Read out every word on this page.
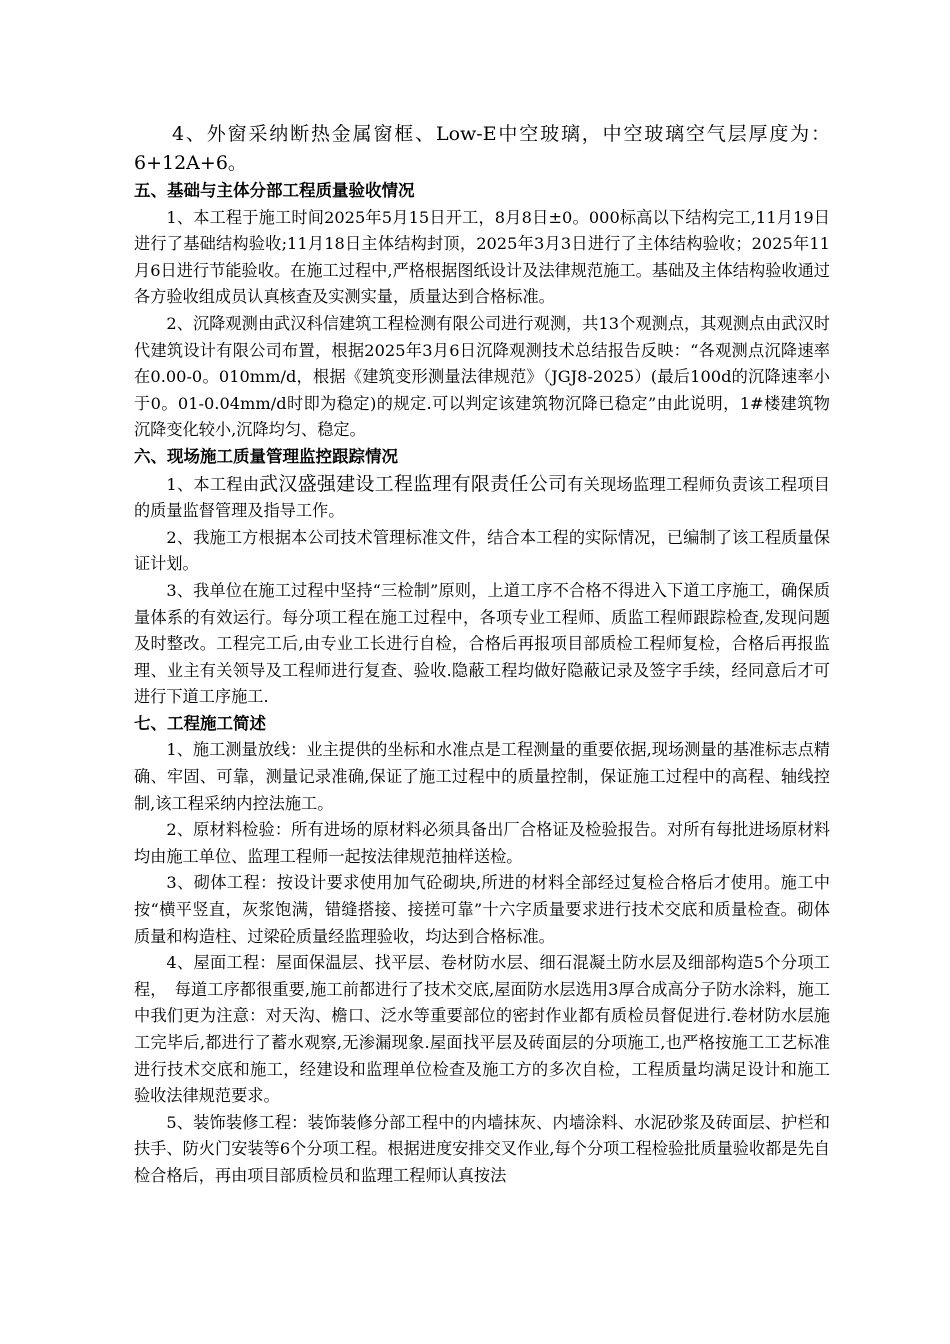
4、外窗采纳断热金属窗框、Low-E中空玻璃，中空玻璃空气层厚度为：6+12A+6。

五、基础与主体分部工程质量验收情况

1、本工程于施工时间2025年5月15日开工，8月8日±0。000标高以下结构完工,11月19日进行了基础结构验收;11月18日主体结构封顶，2025年3月3日进行了主体结构验收；2025年11月6日进行节能验收。在施工过程中,严格根据图纸设计及法律规范施工。基础及主体结构验收通过各方验收组成员认真核查及实测实量，质量达到合格标准。

2、沉降观测由武汉科信建筑工程检测有限公司进行观测，共13个观测点，其观测点由武汉时代建筑设计有限公司布置，根据2025年3月6日沉降观测技术总结报告反映：“各观测点沉降速率在0.00-0。010mm/d，根据《建筑变形测量法律规范》（JGJ8-2025）(最后100d的沉降速率小于0。01-0.04mm/d时即为稳定)的规定.可以判定该建筑物沉降已稳定”由此说明，1#楼建筑物沉降变化较小,沉降均匀、稳定。

六、现场施工质量管理监控跟踪情况

1、本工程由武汉盛强建设工程监理有限责任公司有关现场监理工程师负责该工程项目的质量监督管理及指导工作。

2、我施工方根据本公司技术管理标准文件，结合本工程的实际情况，已编制了该工程质量保证计划。

3、我单位在施工过程中坚持“三检制”原则，上道工序不合格不得进入下道工序施工，确保质量体系的有效运行。每分项工程在施工过程中，各项专业工程师、质监工程师跟踪检查,发现问题及时整改。工程完工后,由专业工长进行自检，合格后再报项目部质检工程师复检，合格后再报监理、业主有关领导及工程师进行复查、验收.隐蔽工程均做好隐蔽记录及签字手续，经同意后才可进行下道工序施工.

七、工程施工简述

1、施工测量放线：业主提供的坐标和水准点是工程测量的重要依据,现场测量的基准标志点精确、牢固、可靠，测量记录准确,保证了施工过程中的质量控制，保证施工过程中的高程、轴线控制,该工程采纳内控法施工。

2、原材料检验：所有进场的原材料必须具备出厂合格证及检验报告。对所有每批进场原材料均由施工单位、监理工程师一起按法律规范抽样送检。

3、砌体工程：按设计要求使用加气砼砌块,所进的材料全部经过复检合格后才使用。施工中按“横平竖直，灰浆饱满，错缝搭接、接搓可靠”十六字质量要求进行技术交底和质量检查。砌体质量和构造柱、过梁砼质量经监理验收，均达到合格标准。

4、屋面工程：屋面保温层、找平层、卷材防水层、细石混凝土防水层及细部构造5个分项工程，　每道工序都很重要,施工前都进行了技术交底,屋面防水层选用3厚合成高分子防水涂料，施工中我们更为注意：对天沟、檐口、泛水等重要部位的密封作业都有质检员督促进行.卷材防水层施工完毕后,都进行了蓄水观察,无渗漏现象.屋面找平层及砖面层的分项施工,也严格按施工工艺标准进行技术交底和施工，经建设和监理单位检查及施工方的多次自检，工程质量均满足设计和施工验收法律规范要求。

5、装饰装修工程：装饰装修分部工程中的内墙抹灰、内墙涂料、水泥砂浆及砖面层、护栏和扶手、防火门安装等6个分项工程。根据进度安排交叉作业,每个分项工程检验批质量验收都是先自检合格后，再由项目部质检员和监理工程师认真按法
